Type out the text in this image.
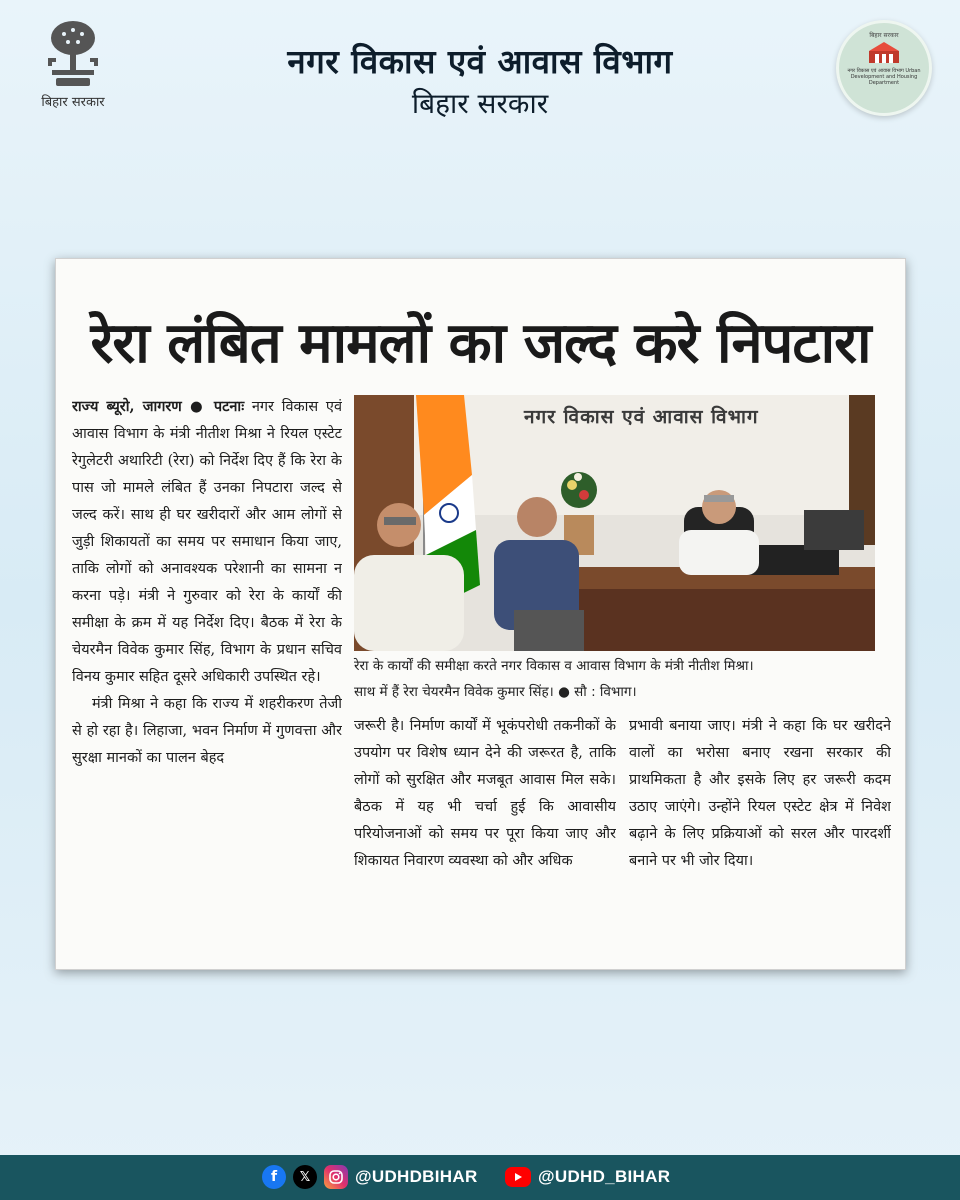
बिहार सरकार
नगर विकास एवं आवास विभाग
बिहार सरकार
बिहार सरकार
नगर विकास एवं आवास विभाग Urban Development and Housing Department
रेरा लंबित मामलों का जल्द करे निपटारा

राज्य ब्यूरो, जागरण ● पटनाः नगर विकास एवं आवास विभाग के मंत्री नीतीश मिश्रा ने रियल एस्टेट रेगुलेटरी अथारिटी (रेरा) को निर्देश दिए हैं कि रेरा के पास जो मामले लंबित हैं उनका निपटारा जल्द से जल्द करें। साथ ही घर खरीदारों और आम लोगों से जुड़ी शिकायतों का समय पर समाधान किया जाए, ताकि लोगों को अनावश्यक परेशानी का सामना न करना पड़े। मंत्री ने गुरुवार को रेरा के कार्यों की समीक्षा के क्रम में यह निर्देश दिए। बैठक में रेरा के चेयरमैन विवेक कुमार सिंह, विभाग के प्रधान सचिव विनय कुमार सहित दूसरे अधिकारी उपस्थित रहे।

मंत्री मिश्रा ने कहा कि राज्य में शहरीकरण तेजी से हो रहा है। लिहाजा, भवन निर्माण में गुणवत्ता और सुरक्षा मानकों का पालन बेहद

नगर विकास एवं आवास विभाग

रेरा के कार्यों की समीक्षा करते नगर विकास व आवास विभाग के मंत्री नीतीश मिश्रा।

साथ में हैं रेरा चेयरमैन विवेक कुमार सिंह। ● सौ : विभाग।

जरूरी है। निर्माण कार्यों में भूकंपरोधी तकनीकों के उपयोग पर विशेष ध्यान देने की जरूरत है, ताकि लोगों को सुरक्षित और मजबूत आवास मिल सके। बैठक में यह भी चर्चा हुई कि आवासीय परियोजनाओं को समय पर पूरा किया जाए और शिकायत निवारण व्यवस्था को और अधिक

प्रभावी बनाया जाए। मंत्री ने कहा कि घर खरीदने वालों का भरोसा बनाए रखना सरकार की प्राथमिकता है और इसके लिए हर जरूरी कदम उठाए जाएंगे। उन्होंने रियल एस्टेट क्षेत्र में निवेश बढ़ाने के लिए प्रक्रियाओं को सरल और पारदर्शी बनाने पर भी जोर दिया।

f	𝕏	@UDHDBIHAR	@UDHD_BIHAR
